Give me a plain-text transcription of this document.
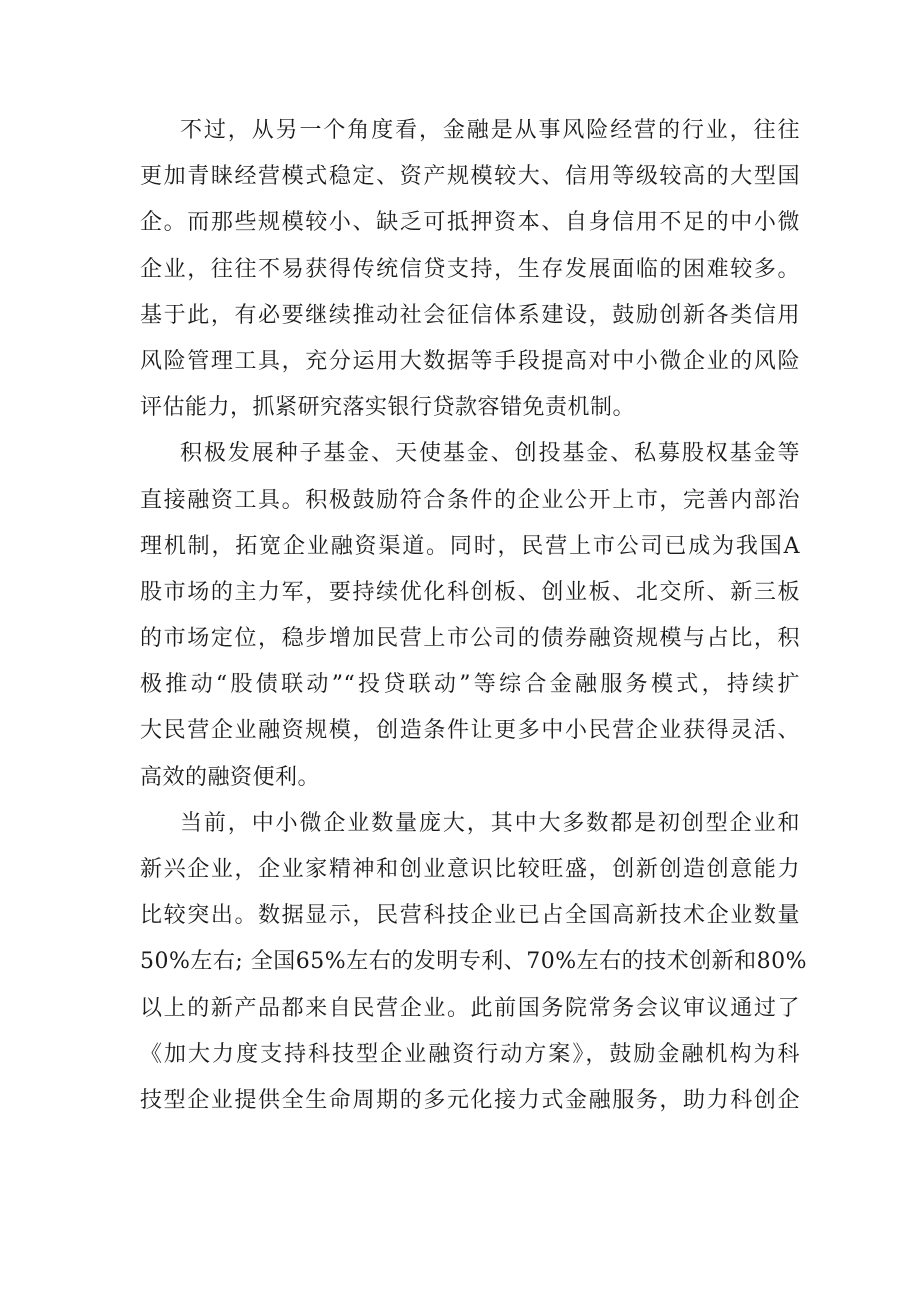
不过，从另一个角度看，金融是从事风险经营的行业，往往
更加青睐经营模式稳定、资产规模较大、信用等级较高的大型国
企。而那些规模较小、缺乏可抵押资本、自身信用不足的中小微
企业，往往不易获得传统信贷支持，生存发展面临的困难较多。
基于此，有必要继续推动社会征信体系建设，鼓励创新各类信用
风险管理工具，充分运用大数据等手段提高对中小微企业的风险
评估能力，抓紧研究落实银行贷款容错免责机制。
积极发展种子基金、天使基金、创投基金、私募股权基金等
直接融资工具。积极鼓励符合条件的企业公开上市，完善内部治
理机制，拓宽企业融资渠道。同时，民营上市公司已成为我国A
股市场的主力军，要持续优化科创板、创业板、北交所、新三板
的市场定位，稳步增加民营上市公司的债券融资规模与占比，积
极推动“股债联动”“投贷联动”等综合金融服务模式，持续扩
大民营企业融资规模，创造条件让更多中小民营企业获得灵活、
高效的融资便利。
当前，中小微企业数量庞大，其中大多数都是初创型企业和
新兴企业，企业家精神和创业意识比较旺盛，创新创造创意能力
比较突出。数据显示，民营科技企业已占全国高新技术企业数量
50%左右; 全国65%左右的发明专利、70%左右的技术创新和80%
以上的新产品都来自民营企业。此前国务院常务会议审议通过了
《加大力度支持科技型企业融资行动方案》，鼓励金融机构为科
技型企业提供全生命周期的多元化接力式金融服务，助力科创企
